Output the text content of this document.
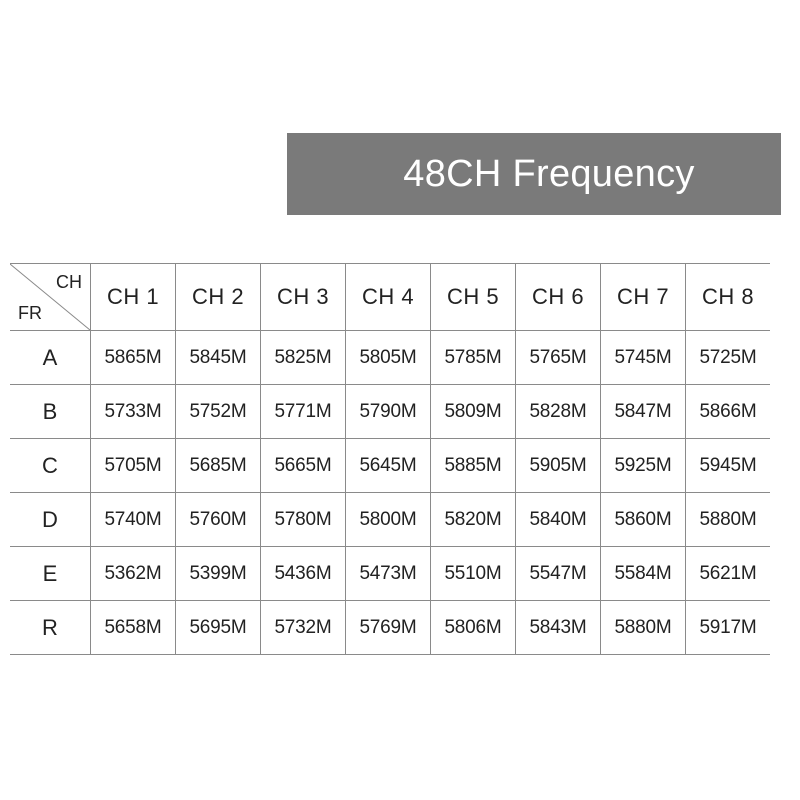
48CH Frequency
CH
FR	CH 1	CH 2	CH 3	CH 4	CH 5	CH 6	CH 7	CH 8
A	5865M	5845M	5825M	5805M	5785M	5765M	5745M	5725M
B	5733M	5752M	5771M	5790M	5809M	5828M	5847M	5866M
C	5705M	5685M	5665M	5645M	5885M	5905M	5925M	5945M
D	5740M	5760M	5780M	5800M	5820M	5840M	5860M	5880M
E	5362M	5399M	5436M	5473M	5510M	5547M	5584M	5621M
R	5658M	5695M	5732M	5769M	5806M	5843M	5880M	5917M
